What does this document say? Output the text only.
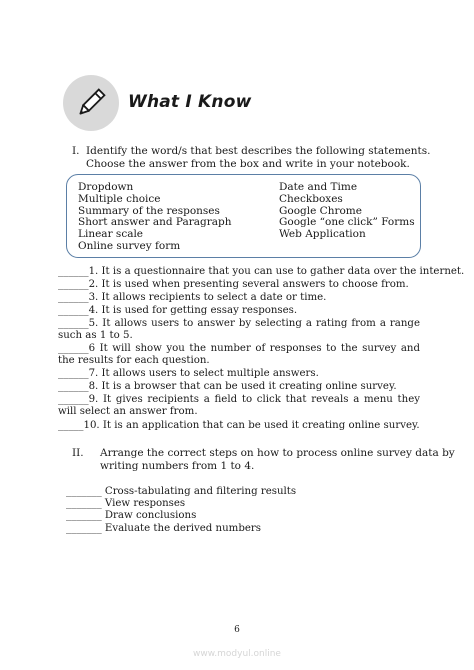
What I Know
I. Identify the word/s that best describes the following statements.
Choose the answer from the box and write in your notebook.
Dropdown
Multiple choice
Summary of the responses
Short answer and Paragraph
Linear scale
Online survey form
Date and Time
Checkboxes
Google Chrome
Google “one click” Forms
Web Application
______1. It is a questionnaire that you can use to gather data over the internet.
______2. It is used when presenting several answers to choose from.
______3. It allows recipients to select a date or time.
______4. It is used for getting essay responses.
______5. It allows users to answer by selecting a rating from a range such as 1 to 5.
______6 It will show you the number of responses to the survey and the results for each question.
______7. It allows users to select multiple answers.
______8. It is a browser that can be used it creating online survey.
______9. It gives recipients a field to click that reveals a menu they will select an answer from.
_____10. It is an application that can be used it creating online survey.
II. Arrange the correct steps on how to process online survey data by
writing numbers from 1 to 4.
_______ Cross-tabulating and filtering results
_______ View responses
_______ Draw conclusions
_______ Evaluate the derived numbers
6
www.modyul.online
